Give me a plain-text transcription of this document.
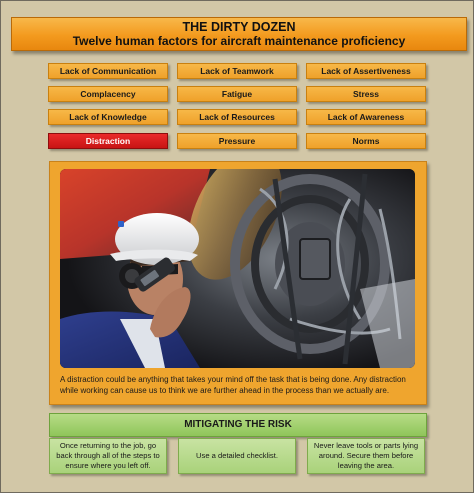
THE DIRTY DOZEN
Twelve human factors for aircraft maintenance proficiency
Lack of Communication	Lack of Teamwork	Lack of Assertiveness
Complacency	Fatigue	Stress
Lack of Knowledge	Lack of Resources	Lack of Awareness
Distraction	Pressure	Norms
A distraction could be anything that takes your mind off the task that is being done. Any distraction while working can cause us to think we are further ahead in the process than we actually are.
MITIGATING THE RISK
Once returning to the job, go back through all of the steps to ensure where you left off.
Use a detailed checklist.
Never leave tools or parts lying around. Secure them before leaving the area.
